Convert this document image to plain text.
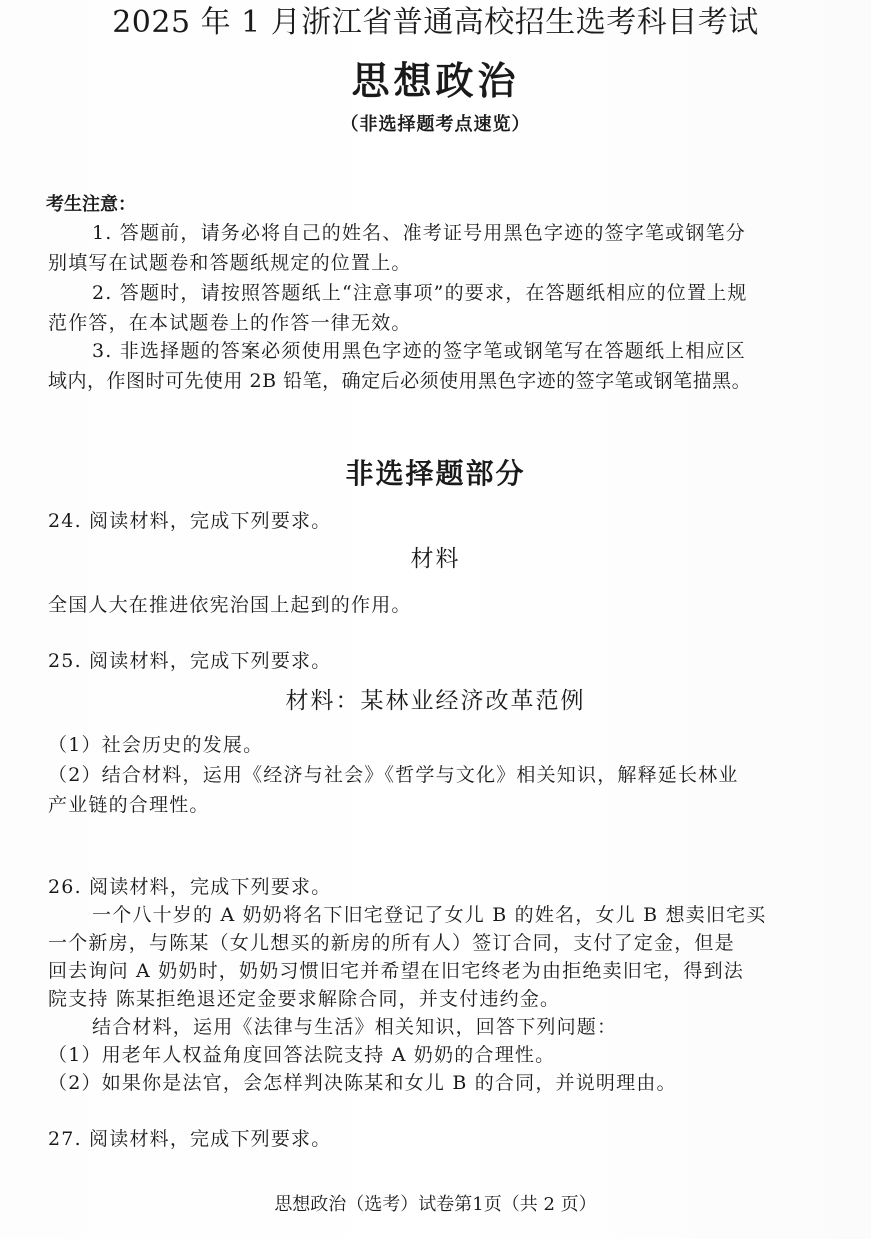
2025 年 1 月浙江省普通高校招生选考科目考试
思想政治
（非选择题考点速览）
考生注意：
1. 答题前，请务必将自己的姓名、准考证号用黑色字迹的签字笔或钢笔分
别填写在试题卷和答题纸规定的位置上。
2. 答题时，请按照答题纸上“注意事项”的要求，在答题纸相应的位置上规
范作答，在本试题卷上的作答一律无效。
3. 非选择题的答案必须使用黑色字迹的签字笔或钢笔写在答题纸上相应区
域内，作图时可先使用 2B 铅笔，确定后必须使用黑色字迹的签字笔或钢笔描黑。
非选择题部分
24. 阅读材料，完成下列要求。
材料
全国人大在推进依宪治国上起到的作用。
25. 阅读材料，完成下列要求。
材料：某林业经济改革范例
（1）社会历史的发展。
（2）结合材料，运用《经济与社会》《哲学与文化》相关知识，解释延长林业
产业链的合理性。
26. 阅读材料，完成下列要求。
一个八十岁的 A 奶奶将名下旧宅登记了女儿 B 的姓名，女儿 B 想卖旧宅买
一个新房，与陈某（女儿想买的新房的所有人）签订合同，支付了定金，但是
回去询问 A 奶奶时，奶奶习惯旧宅并希望在旧宅终老为由拒绝卖旧宅，得到法
院支持 陈某拒绝退还定金要求解除合同，并支付违约金。
结合材料，运用《法律与生活》相关知识，回答下列问题：
（1）用老年人权益角度回答法院支持 A 奶奶的合理性。
（2）如果你是法官，会怎样判决陈某和女儿 B 的合同，并说明理由。
27. 阅读材料，完成下列要求。
思想政治（选考）试卷第1页（共 2 页）
